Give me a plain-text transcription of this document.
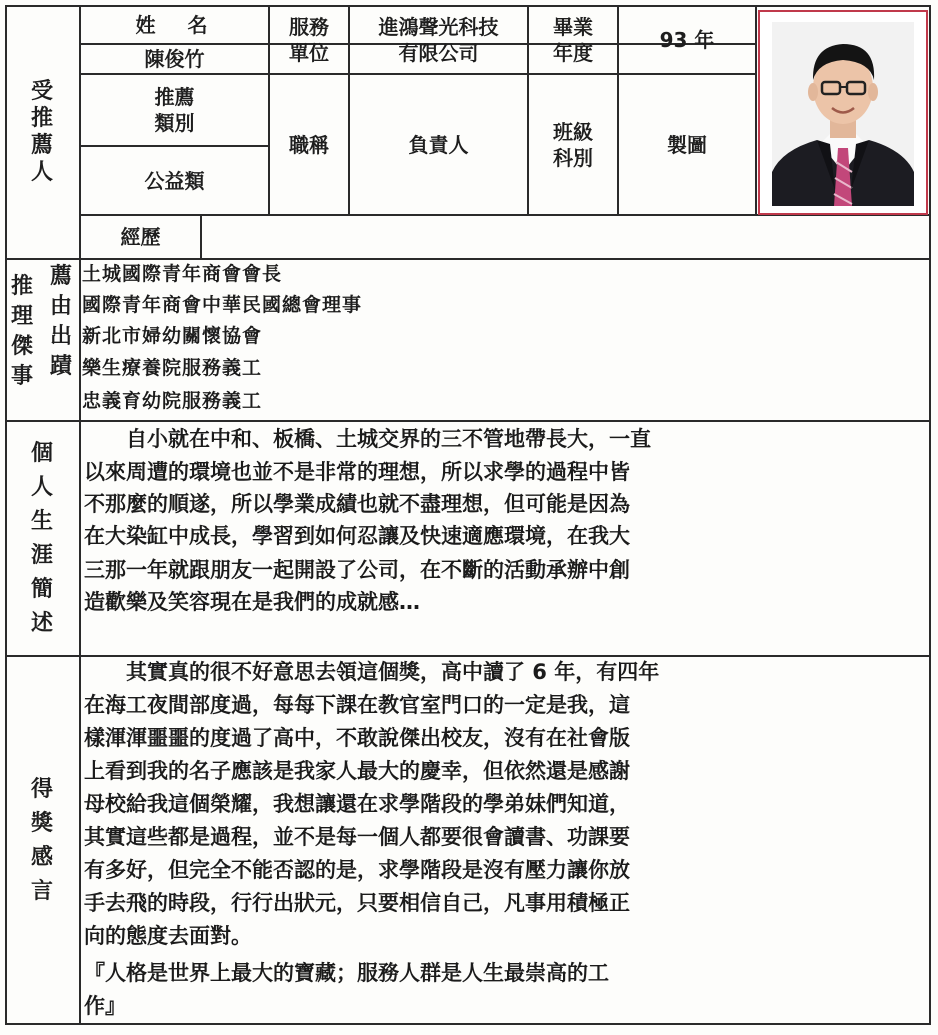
受
推
薦
人
姓　名
陳俊竹
服務
單位
進鴻聲光科技
有限公司
畢業
年度
93 年
推薦
類別
公益類
職稱	負責人
班級
科別
製圖
經歷
推
理
傑
事
薦
由
出
蹟
土城國際青年商會會長
國際青年商會中華民國總會理事
新北市婦幼關懷協會
樂生療養院服務義工
忠義育幼院服務義工
個
人
生
涯
簡
述
　　自小就在中和、板橋、土城交界的三不管地帶長大，一直
以來周遭的環境也並不是非常的理想，所以求學的過程中皆
不那麼的順遂，所以學業成績也就不盡理想，但可能是因為
在大染缸中成長，學習到如何忍讓及快速適應環境，在我大
三那一年就跟朋友一起開設了公司，在不斷的活動承辦中創
造歡樂及笑容現在是我們的成就感…
得
獎
感
言
　　其實真的很不好意思去領這個獎，高中讀了 6 年，有四年
在海工夜間部度過，每每下課在教官室門口的一定是我，這
樣渾渾噩噩的度過了高中，不敢說傑出校友，沒有在社會版
上看到我的名子應該是我家人最大的慶幸，但依然還是感謝
母校給我這個榮耀，我想讓還在求學階段的學弟妹們知道，
其實這些都是過程，並不是每一個人都要很會讀書、功課要
有多好，但完全不能否認的是，求學階段是沒有壓力讓你放
手去飛的時段，行行出狀元，只要相信自己，凡事用積極正
向的態度去面對。
『人格是世界上最大的寶藏；服務人群是人生最崇高的工
作』
